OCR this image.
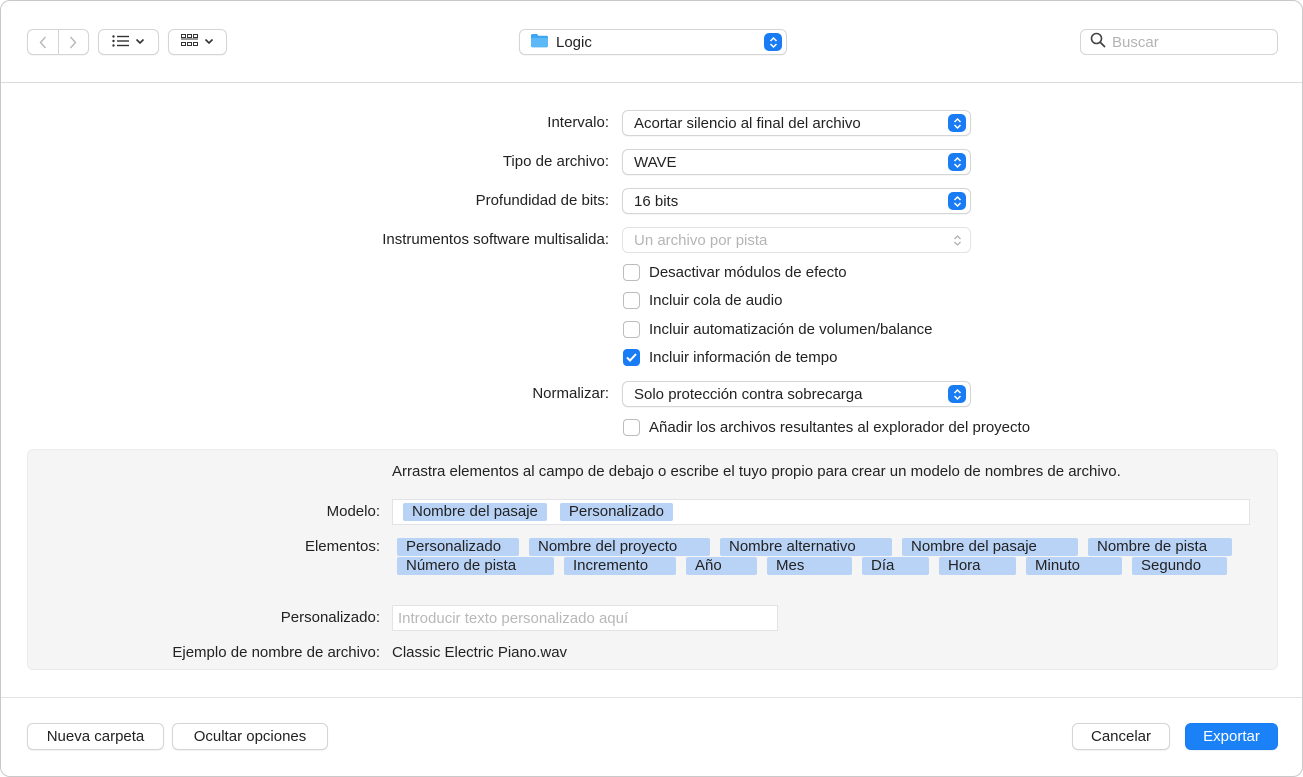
Logic
Buscar
Intervalo: Acortar silencio al final del archivo
Tipo de archivo: WAVE
Profundidad de bits: 16 bits
Instrumentos software multisalida: Un archivo por pista
Desactivar módulos de efecto
Incluir cola de audio
Incluir automatización de volumen/balance
Incluir información de tempo
Normalizar: Solo protección contra sobrecarga
Añadir los archivos resultantes al explorador del proyecto
Arrastra elementos al campo de debajo o escribe el tuyo propio para crear un modelo de nombres de archivo.
Modelo:	Nombre del pasaje	Personalizado
Elementos:	Personalizado	Nombre del proyecto	Nombre alternativo	Nombre del pasaje	Nombre de pista
Número de pista	Incremento	Año	Mes	Día	Hora	Minuto	Segundo
Personalizado:
Introducir texto personalizado aquí
Ejemplo de nombre de archivo: Classic Electric Piano.wav
Nueva carpeta	Ocultar opciones	Cancelar	Exportar
